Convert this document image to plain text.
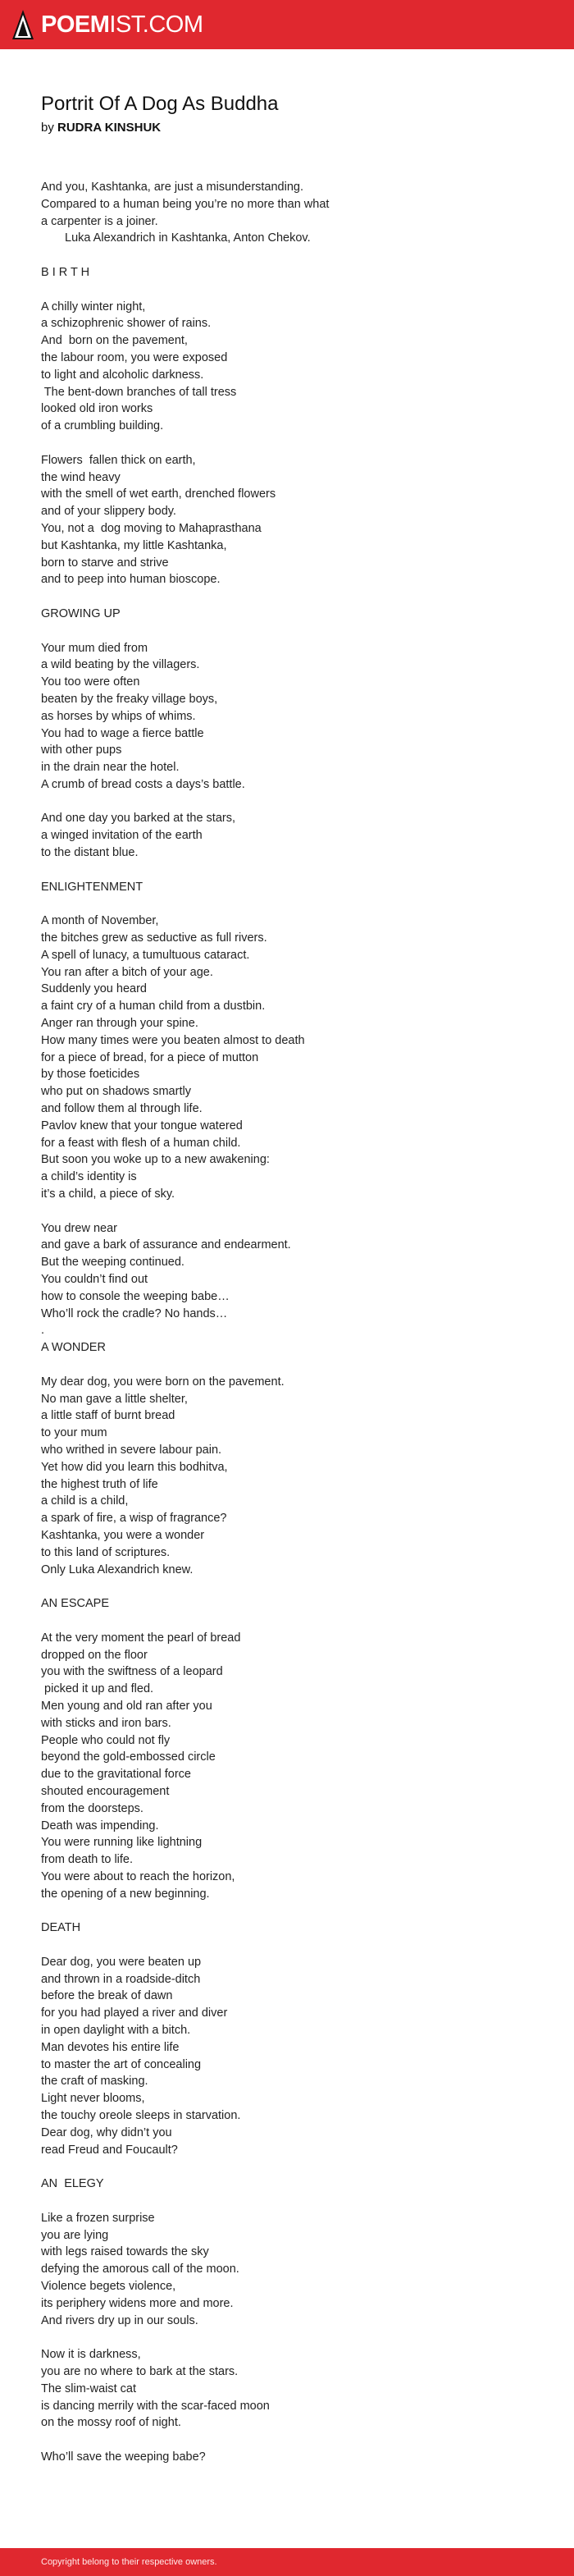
POEMIST.COM
Portrit Of A Dog As Buddha
by RUDRA KINSHUK
And you, Kashtanka, are just a misunderstanding.
Compared to a human being you’re no more than what
a carpenter is a joiner.
　　Luka Alexandrich in Kashtanka, Anton Chekov.
B I R T H
A chilly winter night,
a schizophrenic shower of rains.
And  born on the pavement,
the labour room, you were exposed
to light and alcoholic darkness.
The bent-down branches of tall tress
looked old iron works
of a crumbling building.
Flowers  fallen thick on earth,
the wind heavy
with the smell of wet earth, drenched flowers
and of your slippery body.
You, not a  dog moving to Mahaprasthana
but Kashtanka, my little Kashtanka,
born to starve and strive
and to peep into human bioscope.
GROWING UP
Your mum died from
a wild beating by the villagers.
You too were often
beaten by the freaky village boys,
as horses by whips of whims.
You had to wage a fierce battle
with other pups
in the drain near the hotel.
A crumb of bread costs a days’s battle.
And one day you barked at the stars,
a winged invitation of the earth
to the distant blue.
ENLIGHTENMENT
A month of November,
the bitches grew as seductive as full rivers.
A spell of lunacy, a tumultuous cataract.
You ran after a bitch of your age.
Suddenly you heard
a faint cry of a human child from a dustbin.
Anger ran through your spine.
How many times were you beaten almost to death
for a piece of bread, for a piece of mutton
by those foeticides
who put on shadows smartly
and follow them al through life.
Pavlov knew that your tongue watered
for a feast with flesh of a human child.
But soon you woke up to a new awakening:
a child’s identity is
it’s a child, a piece of sky.
You drew near
and gave a bark of assurance and endearment.
But the weeping continued.
You couldn’t find out
how to console the weeping babe…
Who’ll rock the cradle? No hands…
.
A WONDER
My dear dog, you were born on the pavement.
No man gave a little shelter,
a little staff of burnt bread
to your mum
who writhed in severe labour pain.
Yet how did you learn this bodhitva,
the highest truth of life
a child is a child,
a spark of fire, a wisp of fragrance?
Kashtanka, you were a wonder
to this land of scriptures.
Only Luka Alexandrich knew.
AN ESCAPE
At the very moment the pearl of bread
dropped on the floor
you with the swiftness of a leopard
picked it up and fled.
Men young and old ran after you
with sticks and iron bars.
People who could not fly
beyond the gold-embossed circle
due to the gravitational force
shouted encouragement
from the doorsteps.
Death was impending.
You were running like lightning
from death to life.
You were about to reach the horizon,
the opening of a new beginning.
DEATH
Dear dog, you were beaten up
and thrown in a roadside-ditch
before the break of dawn
for you had played a river and diver
in open daylight with a bitch.
Man devotes his entire life
to master the art of concealing
the craft of masking.
Light never blooms,
the touchy oreole sleeps in starvation.
Dear dog, why didn’t you
read Freud and Foucault?
AN  ELEGY
Like a frozen surprise
you are lying
with legs raised towards the sky
defying the amorous call of the moon.
Violence begets violence,
its periphery widens more and more.
And rivers dry up in our souls.
Now it is darkness,
you are no where to bark at the stars.
The slim-waist cat
is dancing merrily with the scar-faced moon
on the mossy roof of night.
Who’ll save the weeping babe?
Copyright belong to their respective owners.
